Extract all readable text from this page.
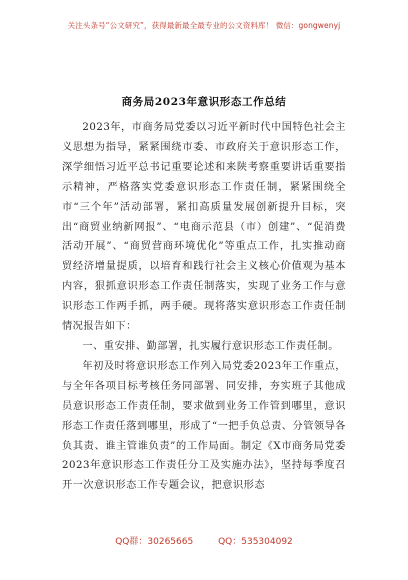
关注头条号“公文研究”，获得最新最全最专业的公文资料库！ 微信：gongwenyj
商务局2023年意识形态工作总结

2023年，市商务局党委以习近平新时代中国特色社会主义思想为指导，紧紧围绕市委、市政府关于意识形态工作，深学细悟习近平总书记重要论述和来陕考察重要讲话重要指示精神，严格落实党委意识形态工作责任制，紧紧围绕全市“三个年”活动部署，紧扣高质量发展创新提升目标，突出“商贸业纳新网报”、“电商示范县（市）创建”、“促消费活动开展”、“商贸营商环境优化”等重点工作，扎实推动商贸经济增量提质，以培育和践行社会主义核心价值观为基本内容，狠抓意识形态工作责任制落实，实现了业务工作与意识形态工作两手抓，两手硬。现将落实意识形态工作责任制情况报告如下：

一、重安排、勤部署，扎实履行意识形态工作责任制。

年初及时将意识形态工作列入局党委2023年工作重点，与全年各项目标考核任务同部署、同安排，夯实班子其他成员意识形态工作责任制，要求做到业务工作管到哪里，意识形态工作责任落到哪里，形成了“一把手负总责、分管领导各负其责、谁主管谁负责”的工作局面。制定《X市商务局党委2023年意识形态工作责任分工及实施办法》，坚持每季度召开一次意识形态工作专题会议，把意识形态

QQ群：30265665	QQ：535304092
